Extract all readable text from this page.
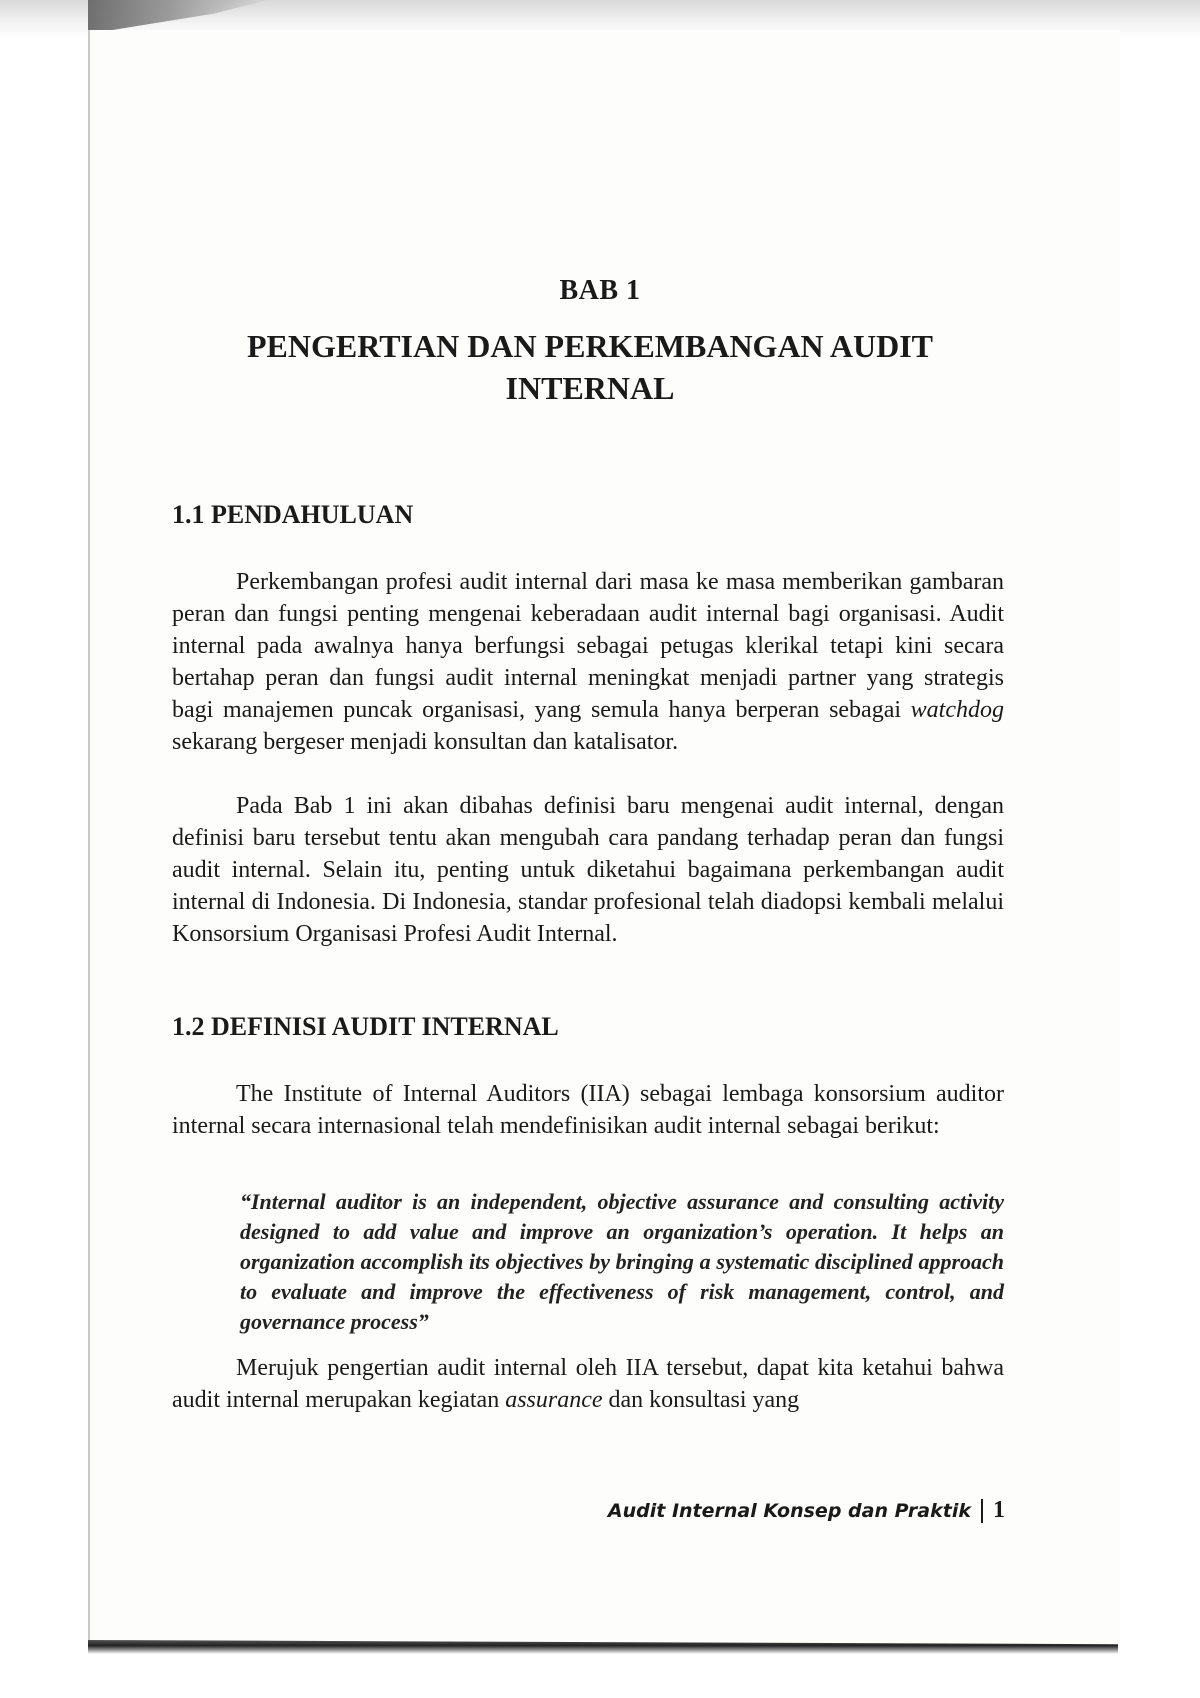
BAB 1
PENGERTIAN DAN PERKEMBANGAN AUDIT INTERNAL
1.1 PENDAHULUAN

Perkembangan profesi audit internal dari masa ke masa memberikan gambaran peran dan fungsi penting mengenai keberadaan audit internal bagi organisasi. Audit internal pada awalnya hanya berfungsi sebagai petugas klerikal tetapi kini secara bertahap peran dan fungsi audit internal meningkat menjadi partner yang strategis bagi manajemen puncak organisasi, yang semula hanya berperan sebagai watchdog sekarang bergeser menjadi konsultan dan katalisator.

Pada Bab 1 ini akan dibahas definisi baru mengenai audit internal, dengan definisi baru tersebut tentu akan mengubah cara pandang terhadap peran dan fungsi audit internal. Selain itu, penting untuk diketahui bagaimana perkembangan audit internal di Indonesia. Di Indonesia, standar profesional telah diadopsi kembali melalui Konsorsium Organisasi Profesi Audit Internal.

1.2 DEFINISI AUDIT INTERNAL

The Institute of Internal Auditors (IIA) sebagai lembaga konsorsium auditor internal secara internasional telah mendefinisikan audit internal sebagai berikut:

“Internal auditor is an independent, objective assurance and consulting activity designed to add value and improve an organization’s operation. It helps an organization accomplish its objectives by bringing a systematic disciplined approach to evaluate and improve the effectiveness of risk management, control, and governance process”

Merujuk pengertian audit internal oleh IIA tersebut, dapat kita ketahui bahwa audit internal merupakan kegiatan assurance dan konsultasi yang

Audit Internal Konsep dan Praktik 1
